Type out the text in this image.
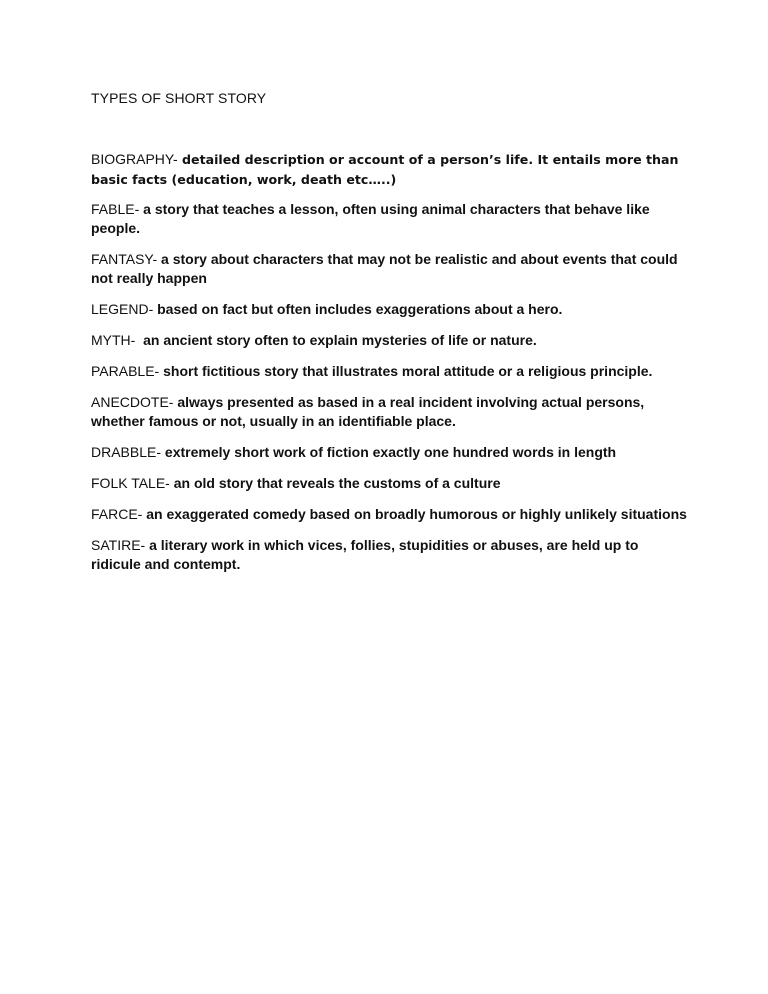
TYPES OF SHORT STORY
BIOGRAPHY- detailed description or account of a person’s life. It entails more than basic facts (education, work, death etc…..)
FABLE- a story that teaches a lesson, often using animal characters that behave like people.
FANTASY- a story about characters that may not be realistic and about events that could not really happen
LEGEND- based on fact but often includes exaggerations about a hero.
MYTH-  an ancient story often to explain mysteries of life or nature.
PARABLE- short fictitious story that illustrates moral attitude or a religious principle.
ANECDOTE- always presented as based in a real incident involving actual persons, whether famous or not, usually in an identifiable place.
DRABBLE- extremely short work of fiction exactly one hundred words in length
FOLK TALE- an old story that reveals the customs of a culture
FARCE- an exaggerated comedy based on broadly humorous or highly unlikely situations
SATIRE- a literary work in which vices, follies, stupidities or abuses, are held up to ridicule and contempt.
